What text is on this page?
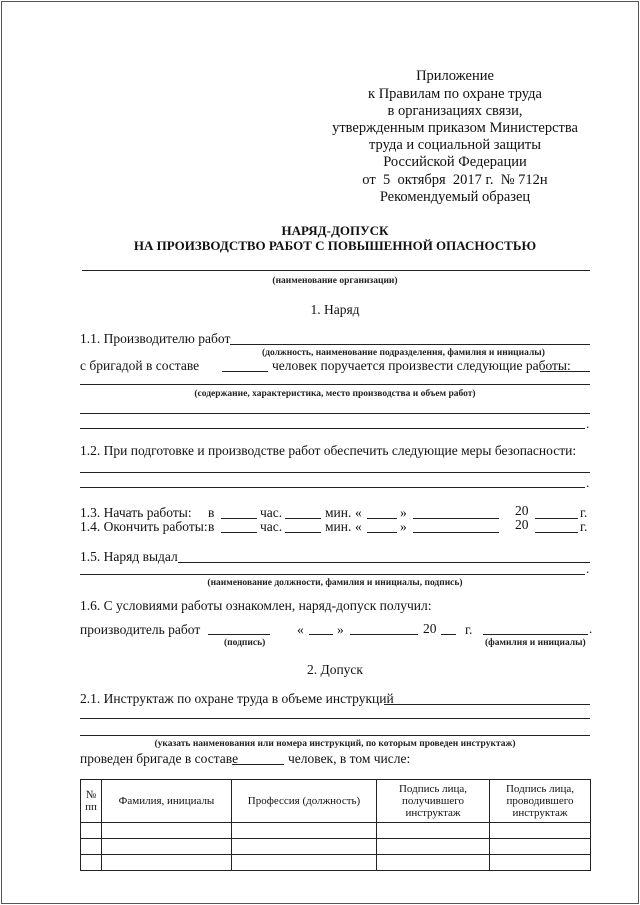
Приложение
к Правилам по охране труда
в организациях связи,
утвержденным приказом Министерства
труда и социальной защиты
Российской Федерации
от  5  октября  2017 г.  № 712н
Рекомендуемый образец
НАРЯД-ДОПУСК
НА ПРОИЗВОДСТВО РАБОТ С ПОВЫШЕННОЙ ОПАСНОСТЬЮ
(наименование организации)
1. Наряд
1.1. Производителю работ
(должность, наименование подразделения, фамилия и инициалы)
с бригадой в составе	человек поручается произвести следующие работы:
(содержание, характеристика, место производства и объем работ)
.
1.2. При подготовке и производстве работ обеспечить следующие меры безопасности:
.
1.3. Начать работы: в	час.	мин. «	»	20	г.
1.4. Окончить работы: в	час.	мин. «	»	20	г.
1.5. Наряд выдал
.
(наименование должности, фамилия и инициалы, подпись)
1.6. С условиями работы ознакомлен, наряд-допуск получил:
производитель работ
(подпись)
« »	20 г.	.
(фамилия и инициалы)
2. Допуск
2.1. Инструктаж по охране труда в объеме инструкций
(указать наименования или номера инструкций, по которым проведен инструктаж)
проведен бригаде в составе	человек, в том числе:
№ пп	Фамилия, инициалы	Профессия (должность)	Подпись лица, получившего инструктаж	Подпись лица, проводившего инструктаж
